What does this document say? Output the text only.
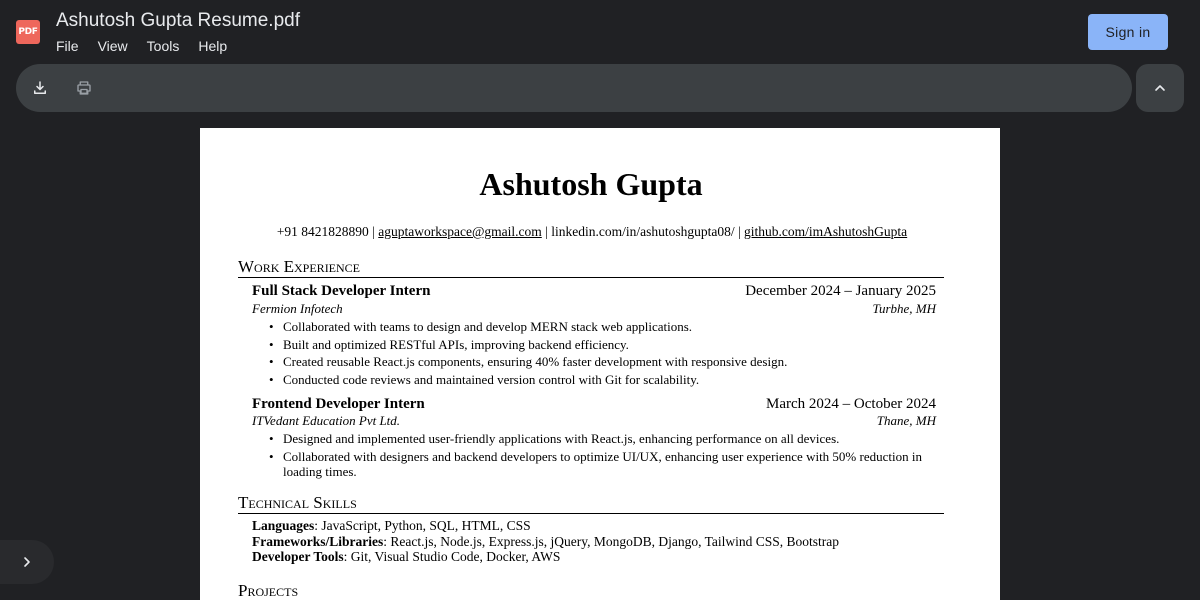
PDF
Ashutosh Gupta Resume.pdf
File View Tools Help
Sign in
Ashutosh Gupta
+91 8421828890 | aguptaworkspace@gmail.com | linkedin.com/in/ashutoshgupta08/ | github.com/imAshutoshGupta
Work Experience
Full Stack Developer Intern	December 2024 – January 2025
Fermion Infotech	Turbhe, MH
• Collaborated with teams to design and develop MERN stack web applications.
• Built and optimized RESTful APIs, improving backend efficiency.
• Created reusable React.js components, ensuring 40% faster development with responsive design.
• Conducted code reviews and maintained version control with Git for scalability.
Frontend Developer Intern	March 2024 – October 2024
ITVedant Education Pvt Ltd.	Thane, MH
• Designed and implemented user-friendly applications with React.js, enhancing performance on all devices.
• Collaborated with designers and backend developers to optimize UI/UX, enhancing user experience with 50% reduction in loading times.
Technical Skills
Languages: JavaScript, Python, SQL, HTML, CSS
Frameworks/Libraries: React.js, Node.js, Express.js, jQuery, MongoDB, Django, Tailwind CSS, Bootstrap
Developer Tools: Git, Visual Studio Code, Docker, AWS
Projects
